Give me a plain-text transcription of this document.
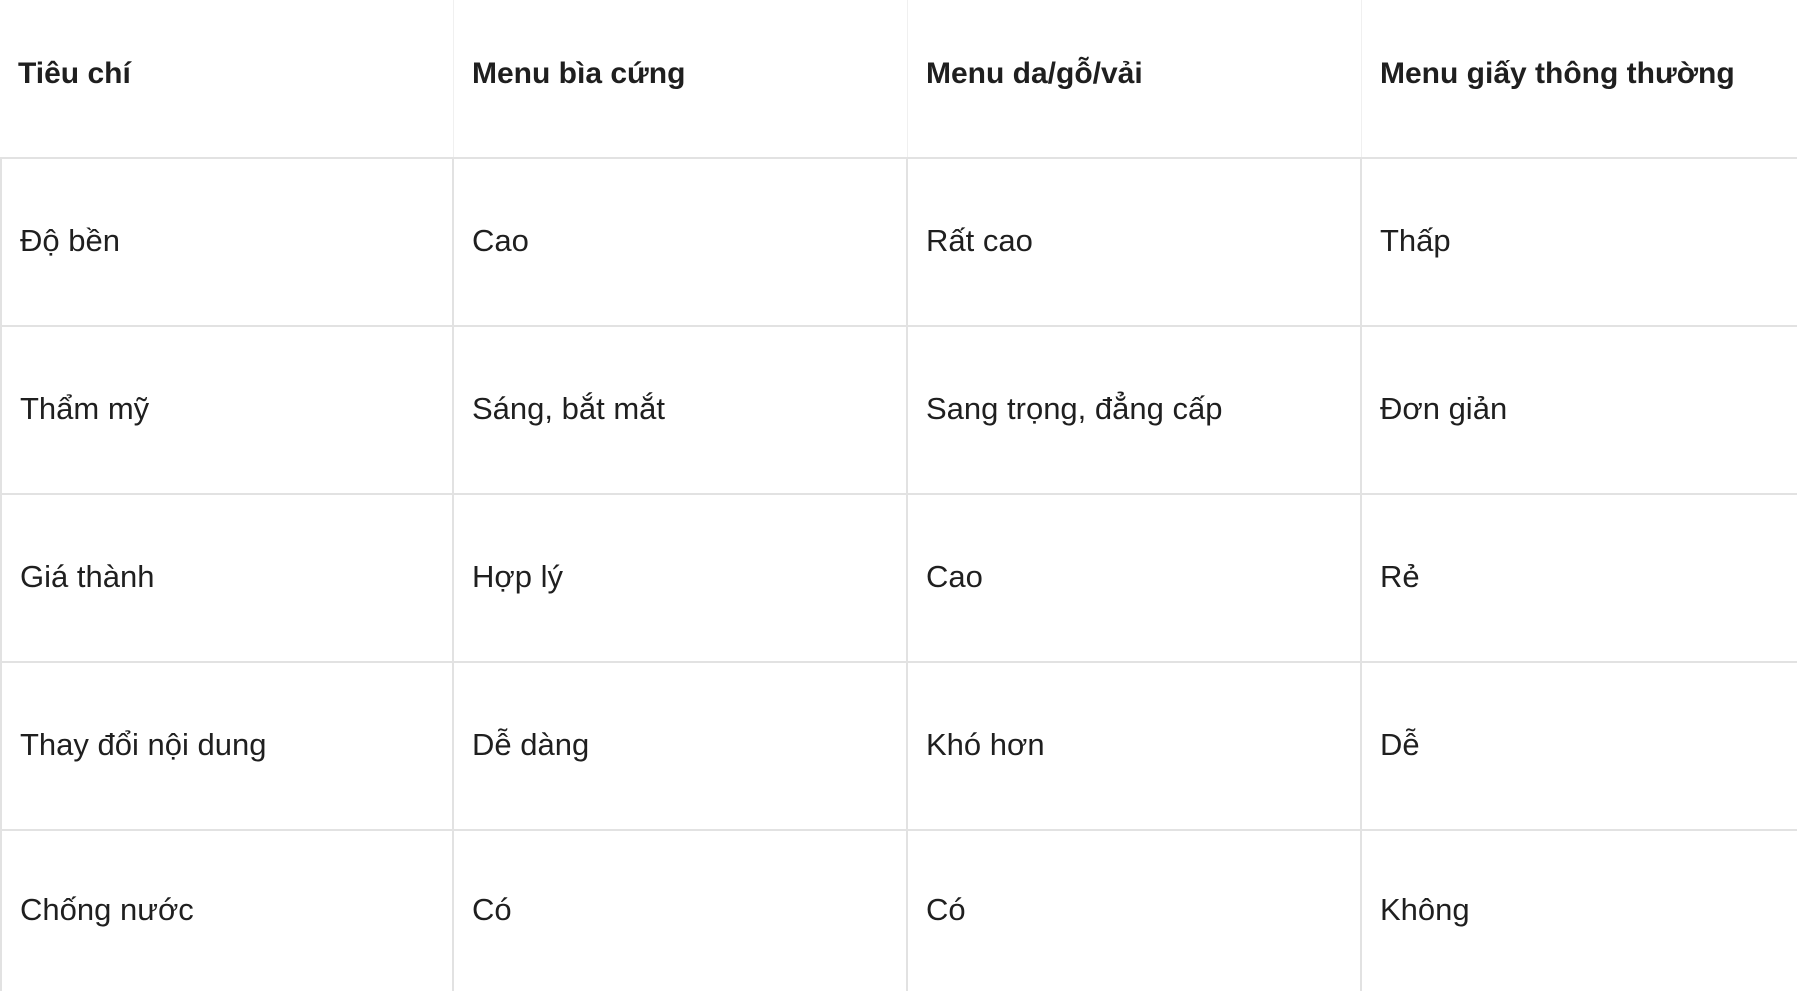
Tiêu chí	Menu bìa cứng	Menu da/gỗ/vải	Menu giấy thông thường
Độ bền	Cao	Rất cao	Thấp
Thẩm mỹ	Sáng, bắt mắt	Sang trọng, đẳng cấp	Đơn giản
Giá thành	Hợp lý	Cao	Rẻ
Thay đổi nội dung	Dễ dàng	Khó hơn	Dễ
Chống nước	Có	Có	Không
